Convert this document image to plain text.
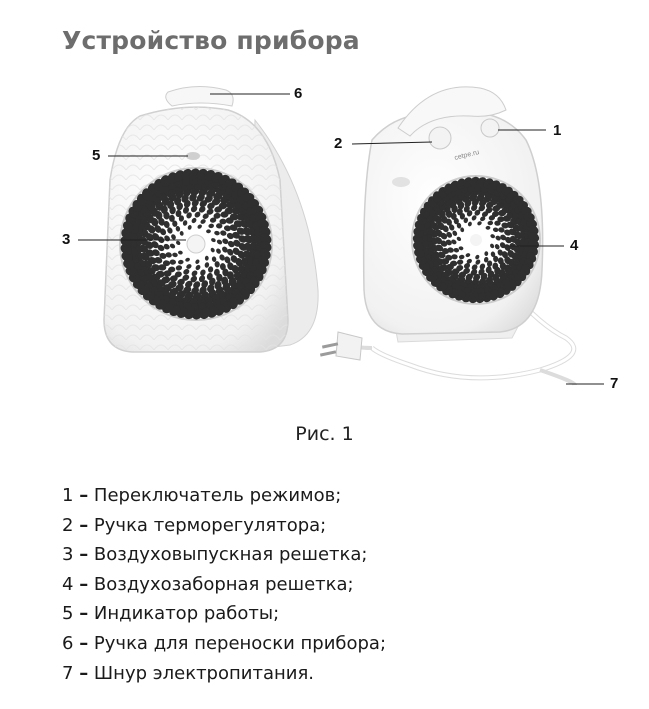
Устройство прибора
cetpe.ru
6
5
3
2
1
4
7
Рис. 1
1 – Переключатель режимов;
2 – Ручка терморегулятора;
3 – Воздуховыпускная решетка;
4 – Воздухозаборная решетка;
5 – Индикатор работы;
6 – Ручка для переноски прибора;
7 – Шнур электропитания.
